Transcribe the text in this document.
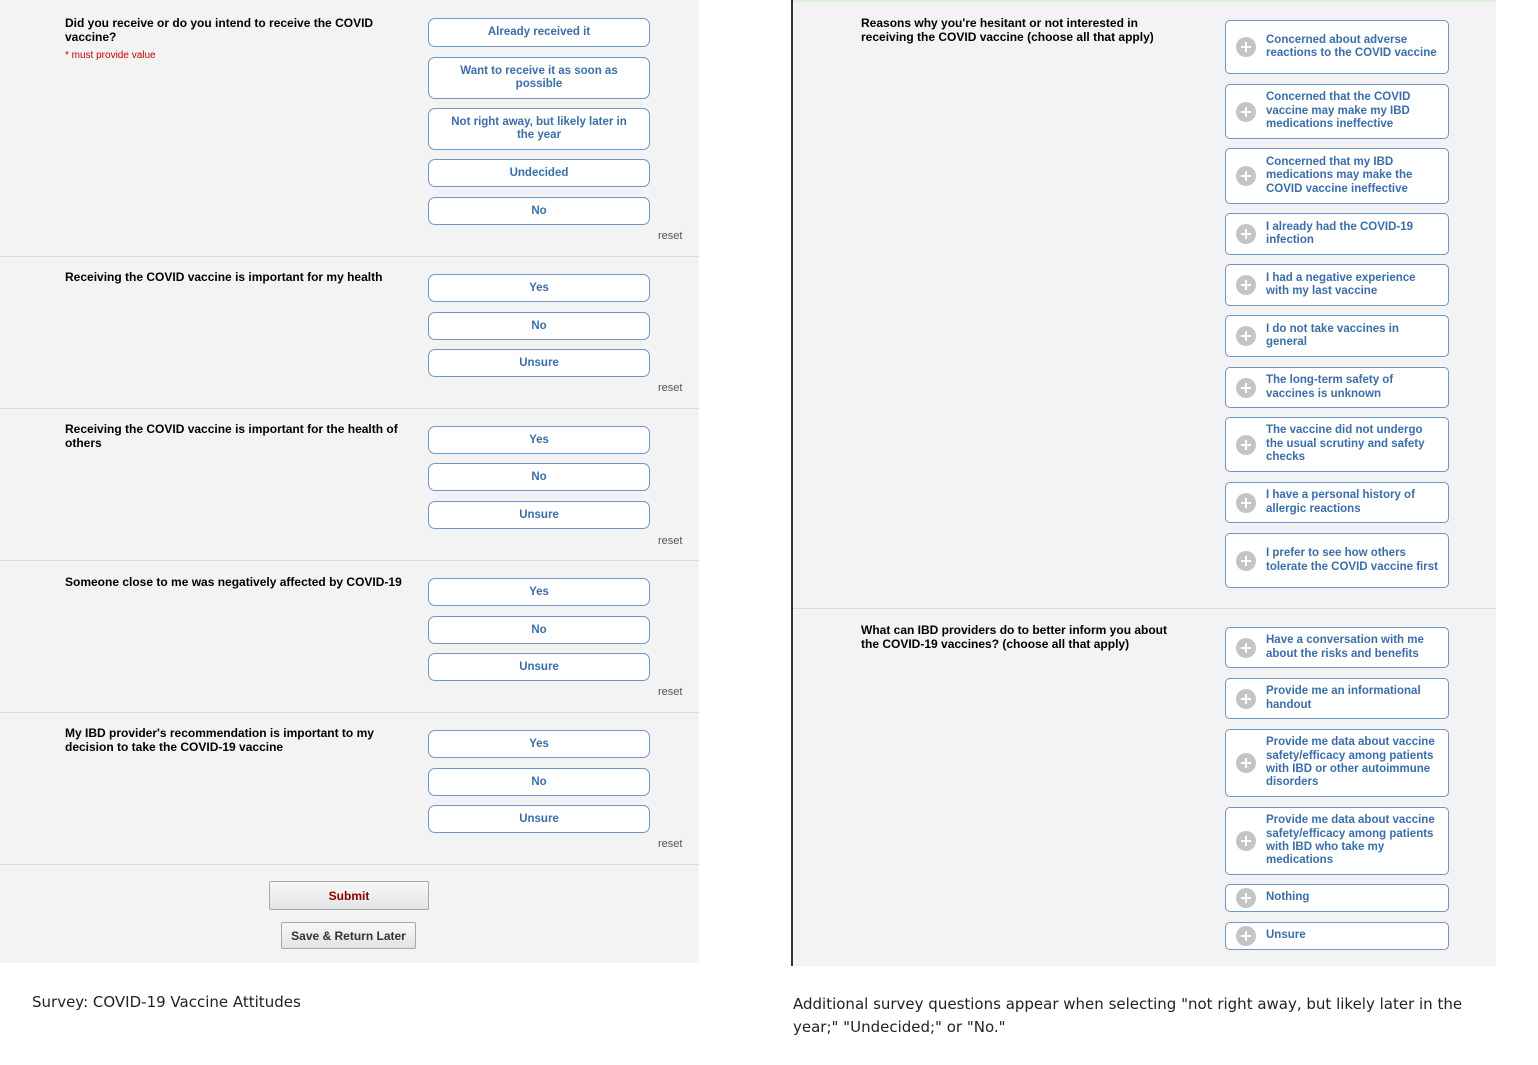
Did you receive or do you intend to receive the COVID vaccine?
* must provide value
Already received it
Want to receive it as soon as possible
Not right away, but likely later in the year
Undecided
No
reset
Receiving the COVID vaccine is important for my health
Yes
No
Unsure
reset
Receiving the COVID vaccine is important for the health of others	Yes
No
Unsure
reset
Someone close to me was negatively affected by COVID-19
Yes
No
Unsure
reset
My IBD provider's recommendation is important to my decision to take the COVID-19 vaccine	Yes
No
Unsure
reset
Submit
Save & Return Later
Survey: COVID-19 Vaccine Attitudes
Reasons why you're hesitant or not interested in receiving the COVID vaccine (choose all that apply)	Concerned about adverse reactions to the COVID vaccine
Concerned that the COVID vaccine may make my IBD medications ineffective
Concerned that my IBD medications may make the COVID vaccine ineffective
I already had the COVID-19 infection
I had a negative experience with my last vaccine
I do not take vaccines in general
The long-term safety of vaccines is unknown
The vaccine did not undergo the usual scrutiny and safety checks
I have a personal history of allergic reactions
I prefer to see how others tolerate the COVID vaccine first
What can IBD providers do to better inform you about the COVID-19 vaccines? (choose all that apply)	Have a conversation with me about the risks and benefits
Provide me an informational handout
Provide me data about vaccine safety/efficacy among patients with IBD or other autoimmune disorders
Provide me data about vaccine safety/efficacy among patients with IBD who take my medications
Nothing
Unsure
Additional survey questions appear when selecting "not right away, but likely later in the year;" "Undecided;" or "No."
